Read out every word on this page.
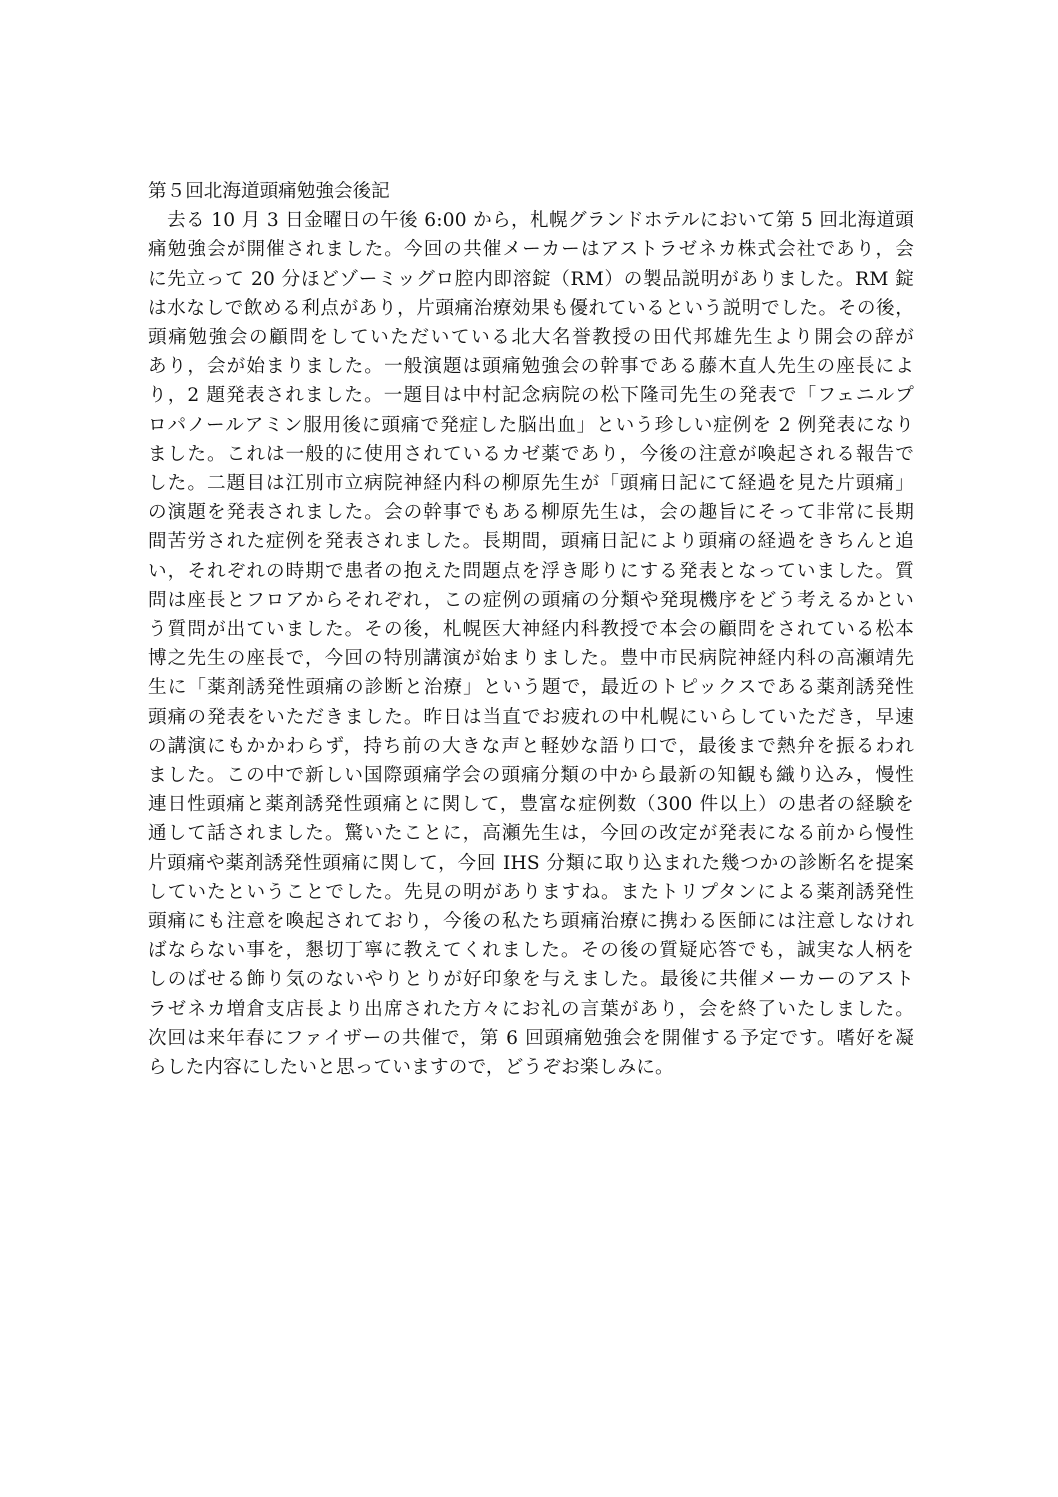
第５回北海道頭痛勉強会後記
去る 10 月 3 日金曜日の午後 6:00 から，札幌グランドホテルにおいて第 5 回北海道頭
痛勉強会が開催されました。今回の共催メーカーはアストラゼネカ株式会社であり，会
に先立って 20 分ほどゾーミッグロ腔内即溶錠（RM）の製品説明がありました。RM 錠
は水なしで飲める利点があり，片頭痛治療効果も優れているという説明でした。その後，
頭痛勉強会の顧問をしていただいている北大名誉教授の田代邦雄先生より開会の辞が
あり，会が始まりました。一般演題は頭痛勉強会の幹事である藤木直人先生の座長によ
り，2 題発表されました。一題目は中村記念病院の松下隆司先生の発表で「フェニルプ
ロパノールアミン服用後に頭痛で発症した脳出血」という珍しい症例を 2 例発表になり
ました。これは一般的に使用されているカゼ薬であり，今後の注意が喚起される報告で
した。二題目は江別市立病院神経内科の柳原先生が「頭痛日記にて経過を見た片頭痛」
の演題を発表されました。会の幹事でもある柳原先生は，会の趣旨にそって非常に長期
間苦労された症例を発表されました。長期間，頭痛日記により頭痛の経過をきちんと追
い，それぞれの時期で患者の抱えた問題点を浮き彫りにする発表となっていました。質
問は座長とフロアからそれぞれ，この症例の頭痛の分類や発現機序をどう考えるかとい
う質問が出ていました。その後，札幌医大神経内科教授で本会の顧問をされている松本
博之先生の座長で，今回の特別講演が始まりました。豊中市民病院神経内科の高瀬靖先
生に「薬剤誘発性頭痛の診断と治療」という題で，最近のトピックスである薬剤誘発性
頭痛の発表をいただきました。昨日は当直でお疲れの中札幌にいらしていただき，早速
の講演にもかかわらず，持ち前の大きな声と軽妙な語り口で，最後まで熱弁を振るわれ
ました。この中で新しい国際頭痛学会の頭痛分類の中から最新の知観も織り込み，慢性
連日性頭痛と薬剤誘発性頭痛とに関して，豊富な症例数（300 件以上）の患者の経験を
通して話されました。驚いたことに，高瀬先生は，今回の改定が発表になる前から慢性
片頭痛や薬剤誘発性頭痛に関して，今回 IHS 分類に取り込まれた幾つかの診断名を提案
していたということでした。先見の明がありますね。またトリプタンによる薬剤誘発性
頭痛にも注意を喚起されており，今後の私たち頭痛治療に携わる医師には注意しなけれ
ばならない事を，懇切丁寧に教えてくれました。その後の質疑応答でも，誠実な人柄を
しのばせる飾り気のないやりとりが好印象を与えました。最後に共催メーカーのアスト
ラゼネカ増倉支店長より出席された方々にお礼の言葉があり，会を終了いたしました。
次回は来年春にファイザーの共催で，第 6 回頭痛勉強会を開催する予定です。嗜好を凝
らした内容にしたいと思っていますので，どうぞお楽しみに。
